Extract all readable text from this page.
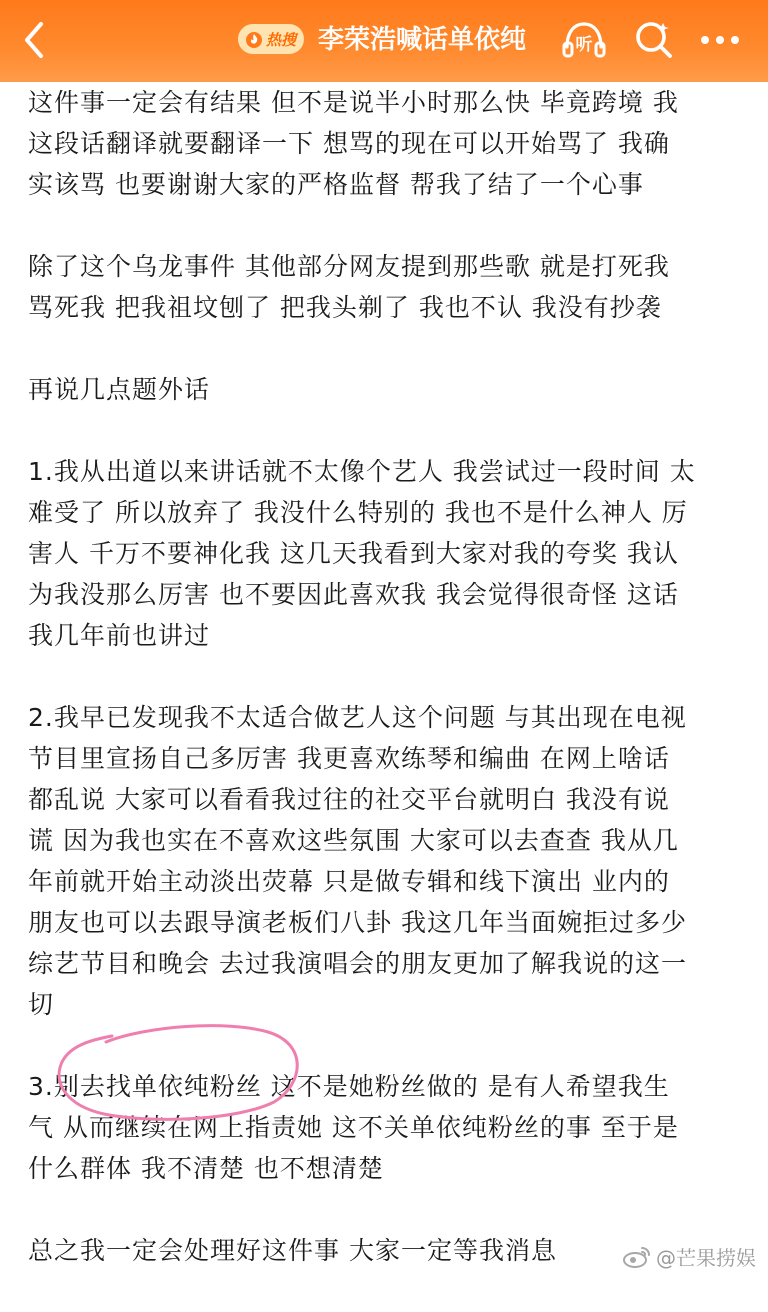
热搜 李荣浩喊话单依纯	听
这件事一定会有结果 但不是说半小时那么快 毕竟跨境 我
这段话翻译就要翻译一下 想骂的现在可以开始骂了 我确
实该骂 也要谢谢大家的严格监督 帮我了结了一个心事
除了这个乌龙事件 其他部分网友提到那些歌 就是打死我
骂死我 把我祖坟刨了 把我头剃了 我也不认 我没有抄袭
再说几点题外话
1.我从出道以来讲话就不太像个艺人 我尝试过一段时间 太
难受了 所以放弃了 我没什么特别的 我也不是什么神人 厉
害人 千万不要神化我 这几天我看到大家对我的夸奖 我认
为我没那么厉害 也不要因此喜欢我 我会觉得很奇怪 这话
我几年前也讲过
2.我早已发现我不太适合做艺人这个问题 与其出现在电视
节目里宣扬自己多厉害 我更喜欢练琴和编曲 在网上啥话
都乱说 大家可以看看我过往的社交平台就明白 我没有说
谎 因为我也实在不喜欢这些氛围 大家可以去查查 我从几
年前就开始主动淡出荧幕 只是做专辑和线下演出 业内的
朋友也可以去跟导演老板们八卦 我这几年当面婉拒过多少
综艺节目和晚会 去过我演唱会的朋友更加了解我说的这一
切
3.别去找单依纯粉丝 这不是她粉丝做的 是有人希望我生
气 从而继续在网上指责她 这不关单依纯粉丝的事 至于是
什么群体 我不清楚 也不想清楚
总之我一定会处理好这件事 大家一定等我消息	@芒果捞娱
